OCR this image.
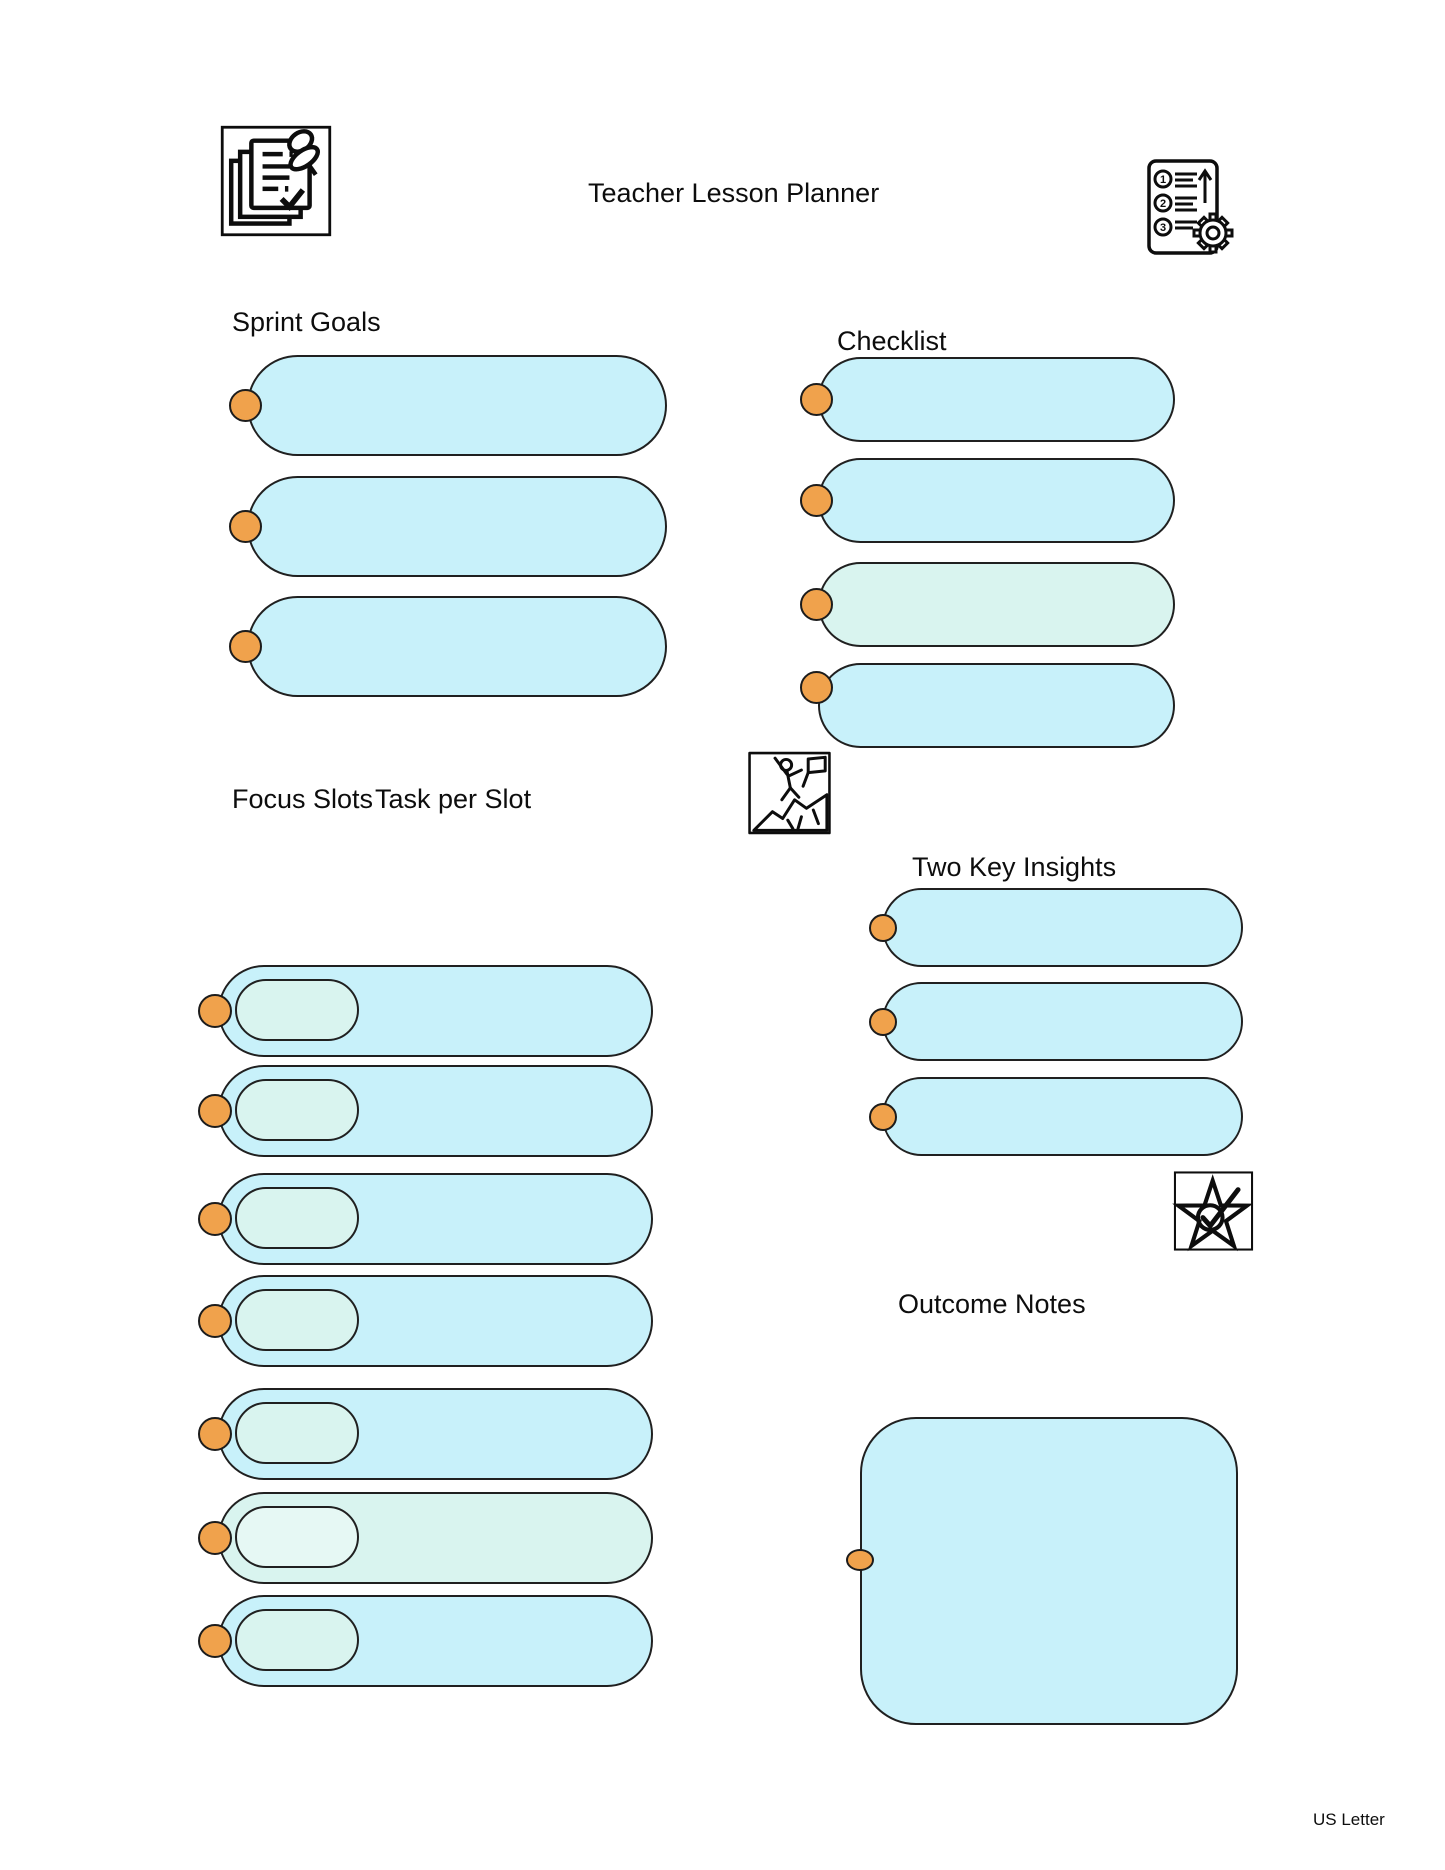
Teacher Lesson Planner	1
2
3
Sprint Goals
Checklist
Focus Slots Task per Slot
Two Key Insights
Outcome Notes
US Letter
